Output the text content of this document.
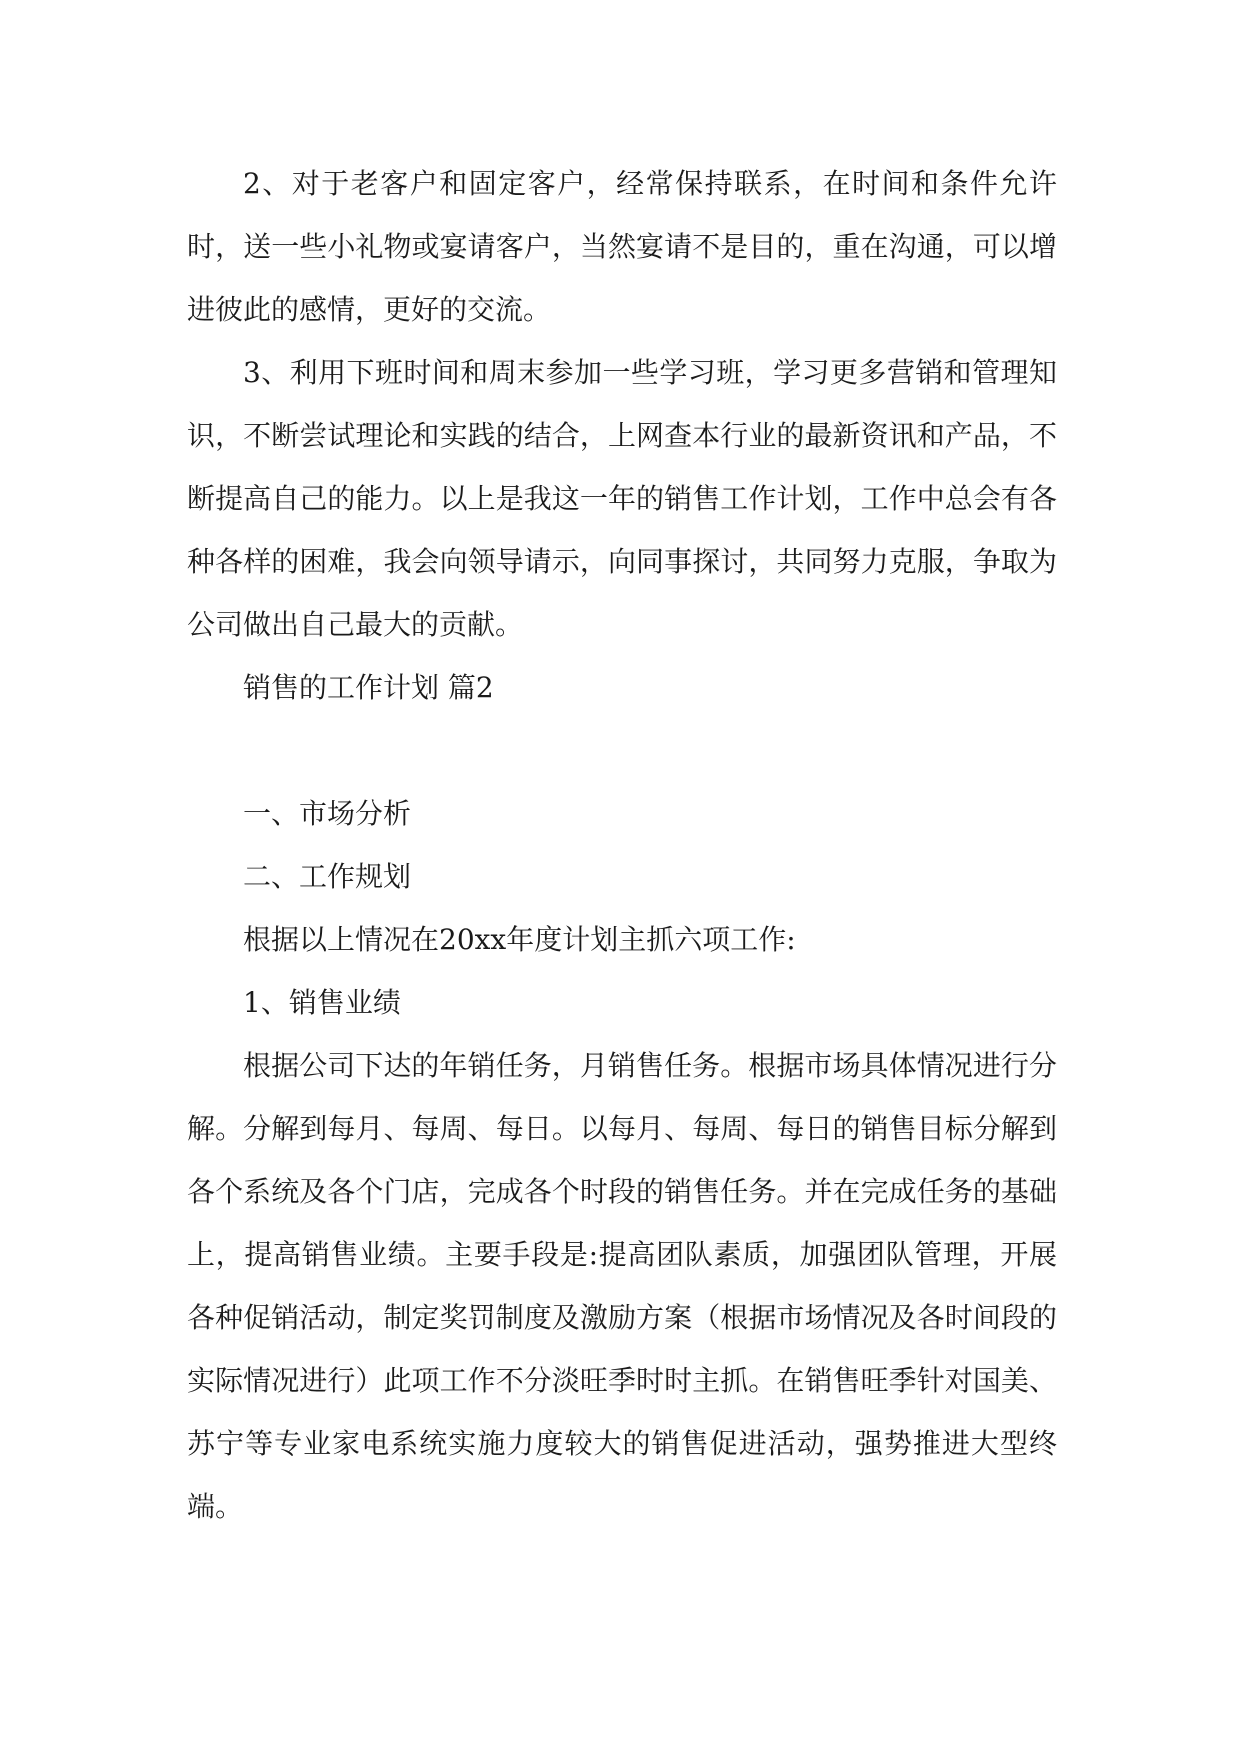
2、对于老客户和固定客户，经常保持联系，在时间和条件允许时，送一些小礼物或宴请客户，当然宴请不是目的，重在沟通，可以增进彼此的感情，更好的交流。

3、利用下班时间和周末参加一些学习班，学习更多营销和管理知识，不断尝试理论和实践的结合，上网查本行业的最新资讯和产品，不断提高自己的能力。以上是我这一年的销售工作计划，工作中总会有各种各样的困难，我会向领导请示，向同事探讨，共同努力克服，争取为公司做出自己最大的贡献。

销售的工作计划 篇2

一、市场分析

二、工作规划

根据以上情况在20xx年度计划主抓六项工作:

1、销售业绩

根据公司下达的年销任务，月销售任务。根据市场具体情况进行分解。分解到每月、每周、每日。以每月、每周、每日的销售目标分解到各个系统及各个门店，完成各个时段的销售任务。并在完成任务的基础上，提高销售业绩。主要手段是:提高团队素质，加强团队管理，开展各种促销活动，制定奖罚制度及激励方案（根据市场情况及各时间段的实际情况进行）此项工作不分淡旺季时时主抓。在销售旺季针对国美、苏宁等专业家电系统实施力度较大的销售促进活动，强势推进大型终端。
